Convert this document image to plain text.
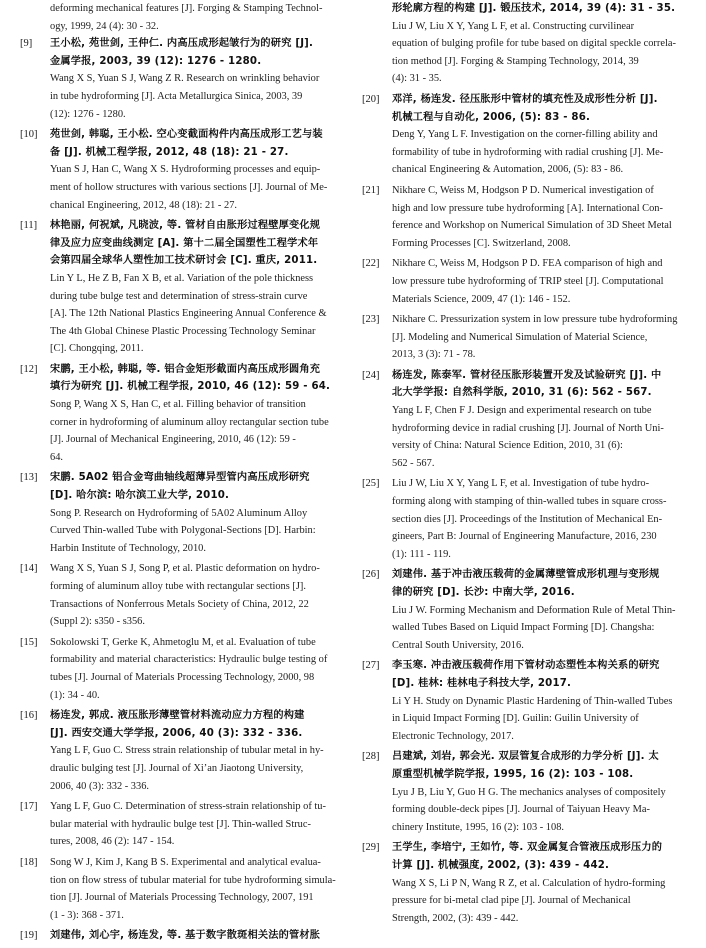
deforming mechanical features [J]. Forging & Stamping Technol-
ogy, 1999, 24 (4): 30 - 32.
[9] 王小松, 苑世剑, 王仲仁. 内高压成形起皱行为的研究 [J].
金属学报, 2003, 39 (12): 1276 - 1280.
Wang X S, Yuan S J, Wang Z R. Research on wrinkling behavior
in tube hydroforming [J]. Acta Metallurgica Sinica, 2003, 39
(12): 1276 - 1280.
[10] 苑世剑, 韩聪, 王小松. 空心变截面构件内高压成形工艺与装
备 [J]. 机械工程学报, 2012, 48 (18): 21 - 27.
Yuan S J, Han C, Wang X S. Hydroforming processes and equip-
ment of hollow structures with various sections [J]. Journal of Me-
chanical Engineering, 2012, 48 (18): 21 - 27.
[11] 林艳丽, 何祝斌, 凡晓波, 等. 管材自由胀形过程壁厚变化规
律及应力应变曲线测定 [A]. 第十二届全国塑性工程学术年
会第四届全球华人塑性加工技术研讨会 [C]. 重庆, 2011.
Lin Y L, He Z B, Fan X B, et al. Variation of the pole thickness
during tube bulge test and determination of stress-strain curve
[A]. The 12th National Plastics Engineering Annual Conference &
The 4th Global Chinese Plastic Processing Technology Seminar
[C]. Chongqing, 2011.
[12] 宋鹏, 王小松, 韩聪, 等. 铝合金矩形截面内高压成形圆角充
填行为研究 [J]. 机械工程学报, 2010, 46 (12): 59 - 64.
Song P, Wang X S, Han C, et al. Filling behavior of transition
corner in hydroforming of aluminum alloy rectangular section tube
[J]. Journal of Mechanical Engineering, 2010, 46 (12): 59 -
64.
[13] 宋鹏. 5A02 铝合金弯曲轴线超薄异型管内高压成形研究
[D]. 哈尔滨: 哈尔滨工业大学, 2010.
Song P. Research on Hydroforming of 5A02 Aluminum Alloy
Curved Thin-walled Tube with Polygonal-Sections [D]. Harbin:
Harbin Institute of Technology, 2010.
[14] Wang X S, Yuan S J, Song P, et al. Plastic deformation on hydro-
forming of aluminum alloy tube with rectangular sections [J].
Transactions of Nonferrous Metals Society of China, 2012, 22
(Suppl 2): s350 - s356.
[15] Sokolowski T, Gerke K, Ahmetoglu M, et al. Evaluation of tube
formability and material characteristics: Hydraulic bulge testing of
tubes [J]. Journal of Materials Processing Technology, 2000, 98
(1): 34 - 40.
[16] 杨连发, 郭成. 液压胀形薄壁管材料流动应力方程的构建
[J]. 西安交通大学学报, 2006, 40 (3): 332 - 336.
Yang L F, Guo C. Stress strain relationship of tubular metal in hy-
draulic bulging test [J]. Journal of Xi’an Jiaotong University,
2006, 40 (3): 332 - 336.
[17] Yang L F, Guo C. Determination of stress-strain relationship of tu-
bular material with hydraulic bulge test [J]. Thin-walled Struc-
tures, 2008, 46 (2): 147 - 154.
[18] Song W J, Kim J, Kang B S. Experimental and analytical evalua-
tion on flow stress of tubular material for tube hydroforming simula-
tion [J]. Journal of Materials Processing Technology, 2007, 191
(1 - 3): 368 - 371.
[19] 刘建伟, 刘心宇, 杨连发, 等. 基于数字散斑相关法的管材胀
形轮廓方程的构建 [J]. 锻压技术, 2014, 39 (4): 31 - 35.
Liu J W, Liu X Y, Yang L F, et al. Constructing curvilinear
equation of bulging profile for tube based on digital speckle correla-
tion method [J]. Forging & Stamping Technology, 2014, 39
(4): 31 - 35.
[20] 邓洋, 杨连发. 径压胀形中管材的填充性及成形性分析 [J].
机械工程与自动化, 2006, (5): 83 - 86.
Deng Y, Yang L F. Investigation on the corner-filling ability and
formability of tube in hydroforming with radial crushing [J]. Me-
chanical Engineering & Automation, 2006, (5): 83 - 86.
[21] Nikhare C, Weiss M, Hodgson P D. Numerical investigation of
high and low pressure tube hydroforming [A]. International Con-
ference and Workshop on Numerical Simulation of 3D Sheet Metal
Forming Processes [C]. Switzerland, 2008.
[22] Nikhare C, Weiss M, Hodgson P D. FEA comparison of high and
low pressure tube hydroforming of TRIP steel [J]. Computational
Materials Science, 2009, 47 (1): 146 - 152.
[23] Nikhare C. Pressurization system in low pressure tube hydroforming
[J]. Modeling and Numerical Simulation of Material Science,
2013, 3 (3): 71 - 78.
[24] 杨连发, 陈泰军. 管材径压胀形装置开发及试验研究 [J]. 中
北大学学报: 自然科学版, 2010, 31 (6): 562 - 567.
Yang L F, Chen F J. Design and experimental research on tube
hydroforming device in radial crushing [J]. Journal of North Uni-
versity of China: Natural Science Edition, 2010, 31 (6):
562 - 567.
[25] Liu J W, Liu X Y, Yang L F, et al. Investigation of tube hydro-
forming along with stamping of thin-walled tubes in square cross-
section dies [J]. Proceedings of the Institution of Mechanical En-
gineers, Part B: Journal of Engineering Manufacture, 2016, 230
(1): 111 - 119.
[26] 刘建伟. 基于冲击液压载荷的金属薄壁管成形机理与变形规
律的研究 [D]. 长沙: 中南大学, 2016.
Liu J W. Forming Mechanism and Deformation Rule of Metal Thin-
walled Tubes Based on Liquid Impact Forming [D]. Changsha:
Central South University, 2016.
[27] 李玉寒. 冲击液压载荷作用下管材动态塑性本构关系的研究
[D]. 桂林: 桂林电子科技大学, 2017.
Li Y H. Study on Dynamic Plastic Hardening of Thin-walled Tubes
in Liquid Impact Forming [D]. Guilin: Guilin University of
Electronic Technology, 2017.
[28] 吕建斌, 刘岩, 郭会光. 双层管复合成形的力学分析 [J]. 太
原重型机械学院学报, 1995, 16 (2): 103 - 108.
Lyu J B, Liu Y, Guo H G. The mechanics analyses of compositely
forming double-deck pipes [J]. Journal of Taiyuan Heavy Ma-
chinery Institute, 1995, 16 (2): 103 - 108.
[29] 王学生, 李培宁, 王如竹, 等. 双金属复合管液压成形压力的
计算 [J]. 机械强度, 2002, (3): 439 - 442.
Wang X S, Li P N, Wang R Z, et al. Calculation of hydro-forming
pressure for bi-metal clad pipe [J]. Journal of Mechanical
Strength, 2002, (3): 439 - 442.
